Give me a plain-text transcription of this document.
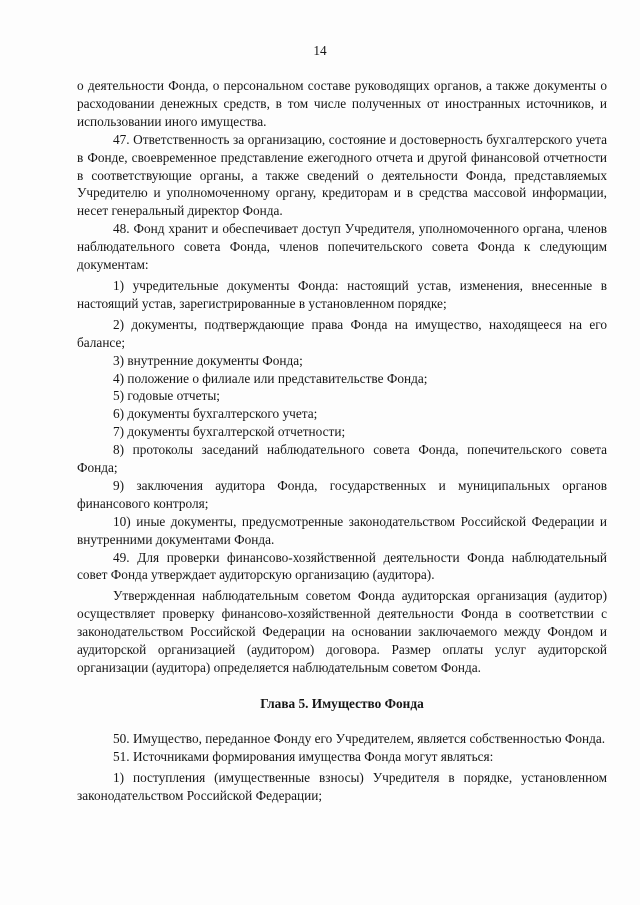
14

о деятельности Фонда, о персональном составе руководящих органов, а также документы о расходовании денежных средств, в том числе полученных от иностранных источников, и использовании иного имущества.

47. Ответственность за организацию, состояние и достоверность бухгалтерского учета в Фонде, своевременное представление ежегодного отчета и другой финансовой отчетности в соответствующие органы, а также сведений о деятельности Фонда, представляемых Учредителю и уполномоченному органу, кредиторам и в средства массовой информации, несет генеральный директор Фонда.

48. Фонд хранит и обеспечивает доступ Учредителя, уполномоченного органа, членов наблюдательного совета Фонда, членов попечительского совета Фонда к следующим документам:

1) учредительные документы Фонда: настоящий устав, изменения, внесенные в настоящий устав, зарегистрированные в установленном порядке;

2) документы, подтверждающие права Фонда на имущество, находящееся на его балансе;

3) внутренние документы Фонда;

4) положение о филиале или представительстве Фонда;

5) годовые отчеты;

6) документы бухгалтерского учета;

7) документы бухгалтерской отчетности;

8) протоколы заседаний наблюдательного совета Фонда, попечительского совета Фонда;

9) заключения аудитора Фонда, государственных и муниципальных органов финансового контроля;

10) иные документы, предусмотренные законодательством Российской Федерации и внутренними документами Фонда.

49. Для проверки финансово-хозяйственной деятельности Фонда наблюдательный совет Фонда утверждает аудиторскую организацию (аудитора).

Утвержденная наблюдательным советом Фонда аудиторская организация (аудитор) осуществляет проверку финансово-хозяйственной деятельности Фонда в соответствии с законодательством Российской Федерации на основании заключаемого между Фондом и аудиторской организацией (аудитором) договора. Размер оплаты услуг аудиторской организации (аудитора) определяется наблюдательным советом Фонда.

Глава 5. Имущество Фонда

50. Имущество, переданное Фонду его Учредителем, является собственностью Фонда.

51. Источниками формирования имущества Фонда могут являться:

1) поступления (имущественные взносы) Учредителя в порядке, установленном законодательством Российской Федерации;
